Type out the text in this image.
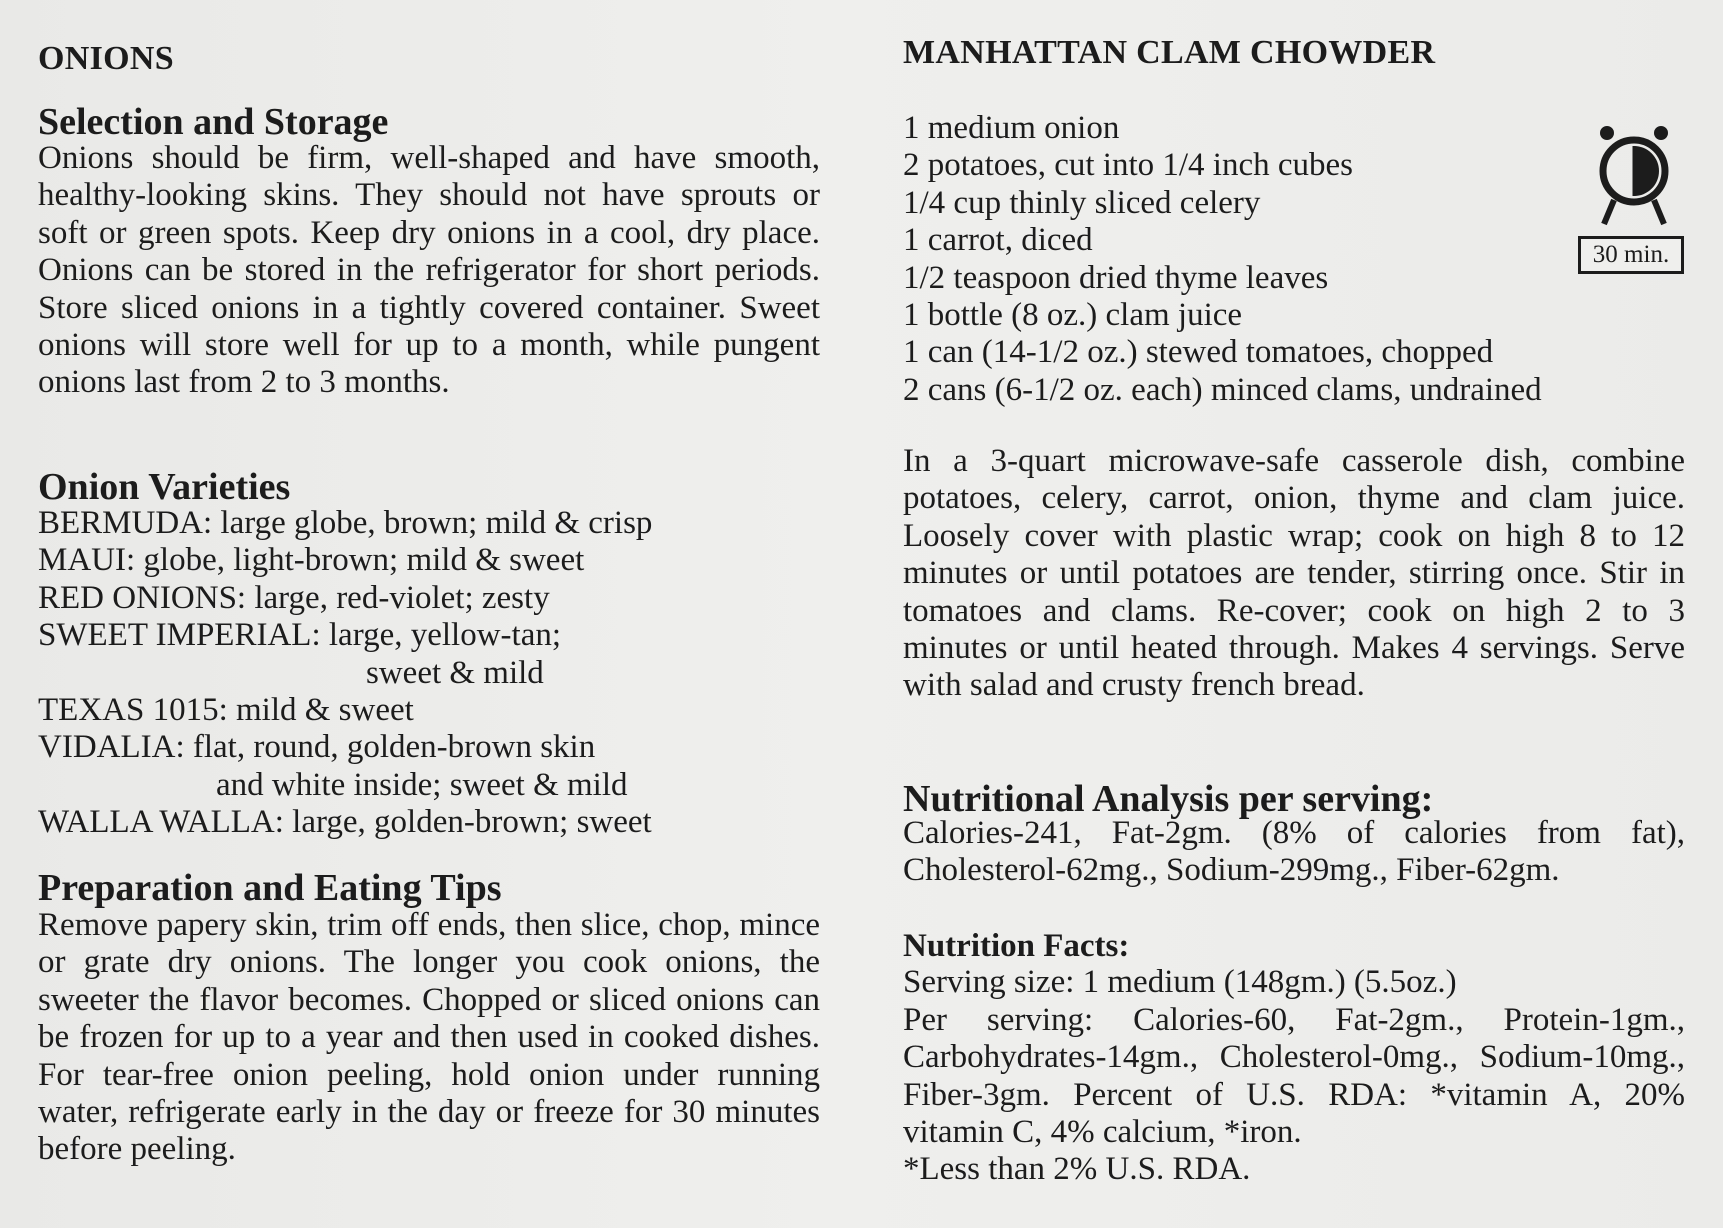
ONIONS
Selection and Storage
Onions should be firm, well-shaped and have smooth, healthy-looking skins. They should not have sprouts or soft or green spots. Keep dry onions in a cool, dry place. Onions can be stored in the refrigerator for short periods. Store sliced onions in a tightly covered container. Sweet onions will store well for up to a month, while pungent onions last from 2 to 3 months.
Onion Varieties
BERMUDA: large globe, brown; mild & crisp
MAUI: globe, light-brown; mild & sweet
RED ONIONS: large, red-violet; zesty
SWEET IMPERIAL: large, yellow-tan;
sweet & mild
TEXAS 1015: mild & sweet
VIDALIA: flat, round, golden-brown skin
and white inside; sweet & mild
WALLA WALLA: large, golden-brown; sweet
Preparation and Eating Tips
Remove papery skin, trim off ends, then slice, chop, mince or grate dry onions. The longer you cook onions, the sweeter the flavor becomes. Chopped or sliced onions can be frozen for up to a year and then used in cooked dishes. For tear-free onion peeling, hold onion under running water, refrigerate early in the day or freeze for 30 minutes before peeling.
MANHATTAN CLAM CHOWDER
1 medium onion
2 potatoes, cut into 1/4 inch cubes
1/4 cup thinly sliced celery
1 carrot, diced
1/2 teaspoon dried thyme leaves
1 bottle (8 oz.) clam juice
1 can (14-1/2 oz.) stewed tomatoes, chopped
2 cans (6-1/2 oz. each) minced clams, undrained
In a 3-quart microwave-safe casserole dish, combine potatoes, celery, carrot, onion, thyme and clam juice. Loosely cover with plastic wrap; cook on high 8 to 12 minutes or until potatoes are tender, stirring once. Stir in tomatoes and clams. Re-cover; cook on high 2 to 3 minutes or until heated through. Makes 4 servings. Serve with salad and crusty french bread.
Nutritional Analysis per serving:
Calories-241, Fat-2gm. (8% of calories from fat), Cholesterol-62mg., Sodium-299mg., Fiber-62gm.
Nutrition Facts:
Serving size: 1 medium (148gm.) (5.5oz.)
Per serving: Calories-60, Fat-2gm., Protein-1gm., Carbohydrates-14gm., Cholesterol-0mg., Sodium-10mg., Fiber-3gm. Percent of U.S. RDA: *vitamin A, 20% vitamin C, 4% calcium, *iron.
*Less than 2% U.S. RDA.
30 min.
